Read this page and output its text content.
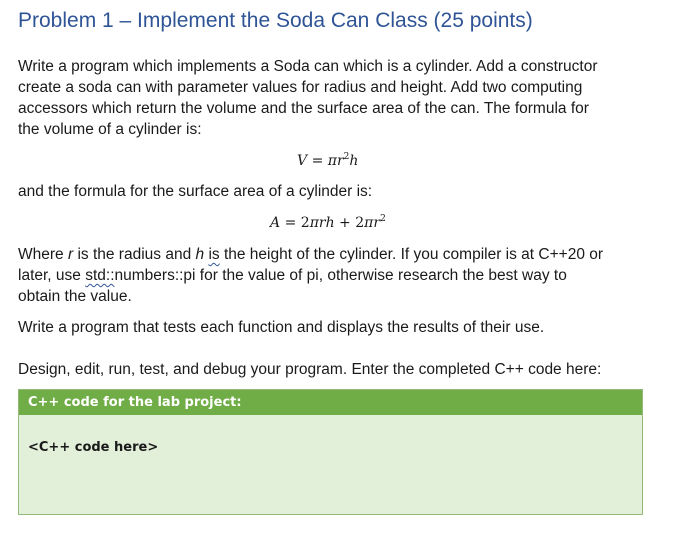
Problem 1 – Implement the Soda Can Class (25 points)
Write a program which implements a Soda can which is a cylinder. Add a constructor
create a soda can with parameter values for radius and height. Add two computing
accessors which return the volume and the surface area of the can. The formula for
the volume of a cylinder is:
$V = \pi r^2h$
and the formula for the surface area of a cylinder is:
$A = 2\pi rh + 2\pi r^2$
Where r is the radius and h is the height of the cylinder. If you compiler is at C++20 or
later, use std::numbers::pi for the value of pi, otherwise research the best way to
obtain the value.
Write a program that tests each function and displays the results of their use.
Design, edit, run, test, and debug your program. Enter the completed C++ code here:
C++ code for the lab project:
<C++ code here>
